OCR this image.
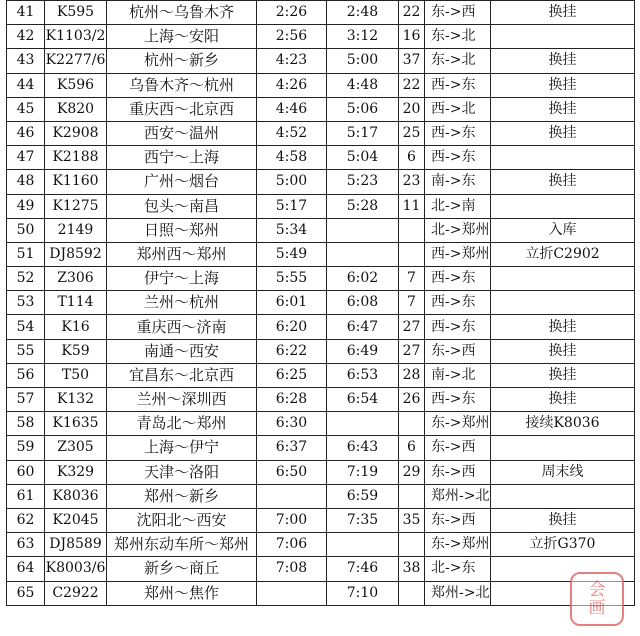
41	K595	杭州～乌鲁木齐	2:26	2:48	22	东->西	换挂
42	K1103/2	上海～安阳	2:56	3:12	16	东->北	
43	K2277/6	杭州～新乡	4:23	5:00	37	东->北	换挂
44	K596	乌鲁木齐～杭州	4:26	4:48	22	西->东	换挂
45	K820	重庆西～北京西	4:46	5:06	20	西->北	换挂
46	K2908	西安～温州	4:52	5:17	25	西->东	换挂
47	K2188	西宁～上海	4:58	5:04	6	西->东	
48	K1160	广州～烟台	5:00	5:23	23	南->东	换挂
49	K1275	包头～南昌	5:17	5:28	11	北->南	
50	2149	日照～郑州	5:34			北->郑州	入库
51	DJ8592	郑州西～郑州	5:49			西->郑州	立折C2902
52	Z306	伊宁～上海	5:55	6:02	7	西->东	
53	T114	兰州～杭州	6:01	6:08	7	西->东	
54	K16	重庆西～济南	6:20	6:47	27	西->东	换挂
55	K59	南通～西安	6:22	6:49	27	东->西	换挂
56	T50	宜昌东～北京西	6:25	6:53	28	南->北	换挂
57	K132	兰州～深圳西	6:28	6:54	26	西->东	换挂
58	K1635	青岛北～郑州	6:30			东->郑州	接续K8036
59	Z305	上海～伊宁	6:37	6:43	6	东->西	
60	K329	天津～洛阳	6:50	7:19	29	东->西	周末线
61	K8036	郑州～新乡		6:59		郑州->北	
62	K2045	沈阳北～西安	7:00	7:35	35	东->西	换挂
63	DJ8589	郑州东动车所～郑州	7:06			东->郑州	立折G370
64	K8003/6	新乡～商丘	7:08	7:46	38	北->东	
65	C2922	郑州～焦作		7:10		郑州->北		会
画
